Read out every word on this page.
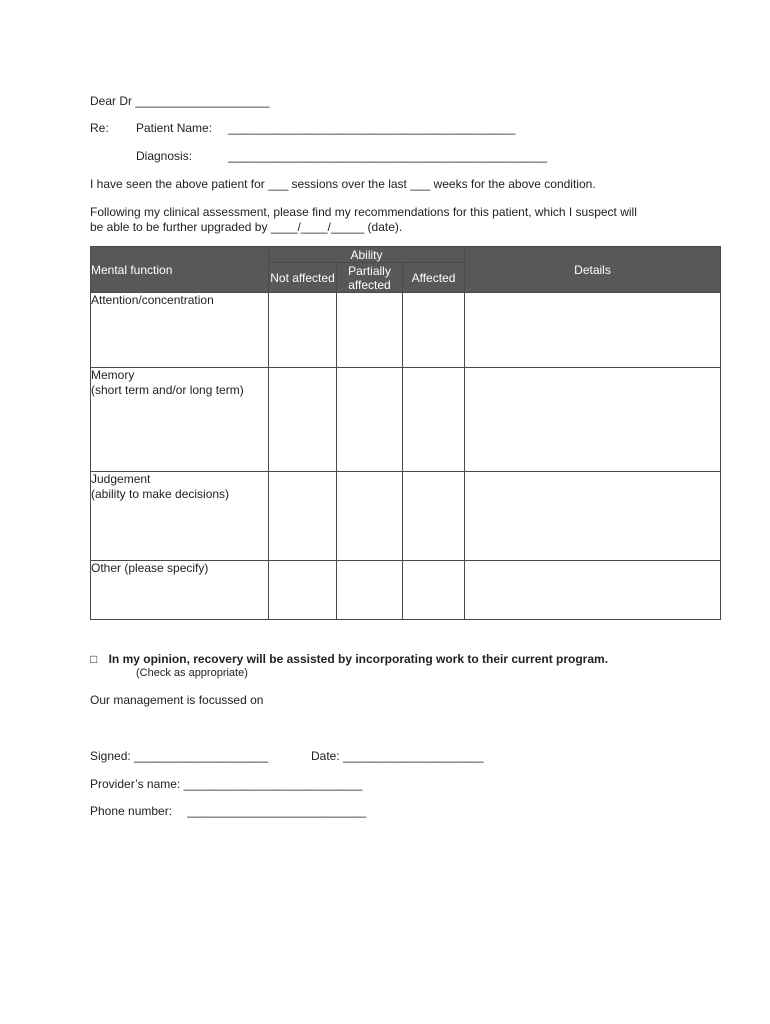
Dear Dr _____________________
Re: Patient Name: _____________________________________________
Diagnosis:	__________________________________________________
I have seen the above patient for ___ sessions over the last ___ weeks for the above condition.
Following my clinical assessment, please find my recommendations for this patient, which I suspect will
be able to be further upgraded by ____/____/_____ (date).
Mental function	Ability			Details
	Not affected	Partially
affected	Affected	

Attention/concentration				

Memory
(short term and/or long term)				

Judgement
(ability to make decisions)				

Other (please specify)				

□ In my opinion, recovery will be assisted by incorporating work to their current program.
(Check as appropriate)
Our management is focussed on
Signed: _____________________	Date: ______________________
Provider’s name: ____________________________
Phone number: ____________________________
